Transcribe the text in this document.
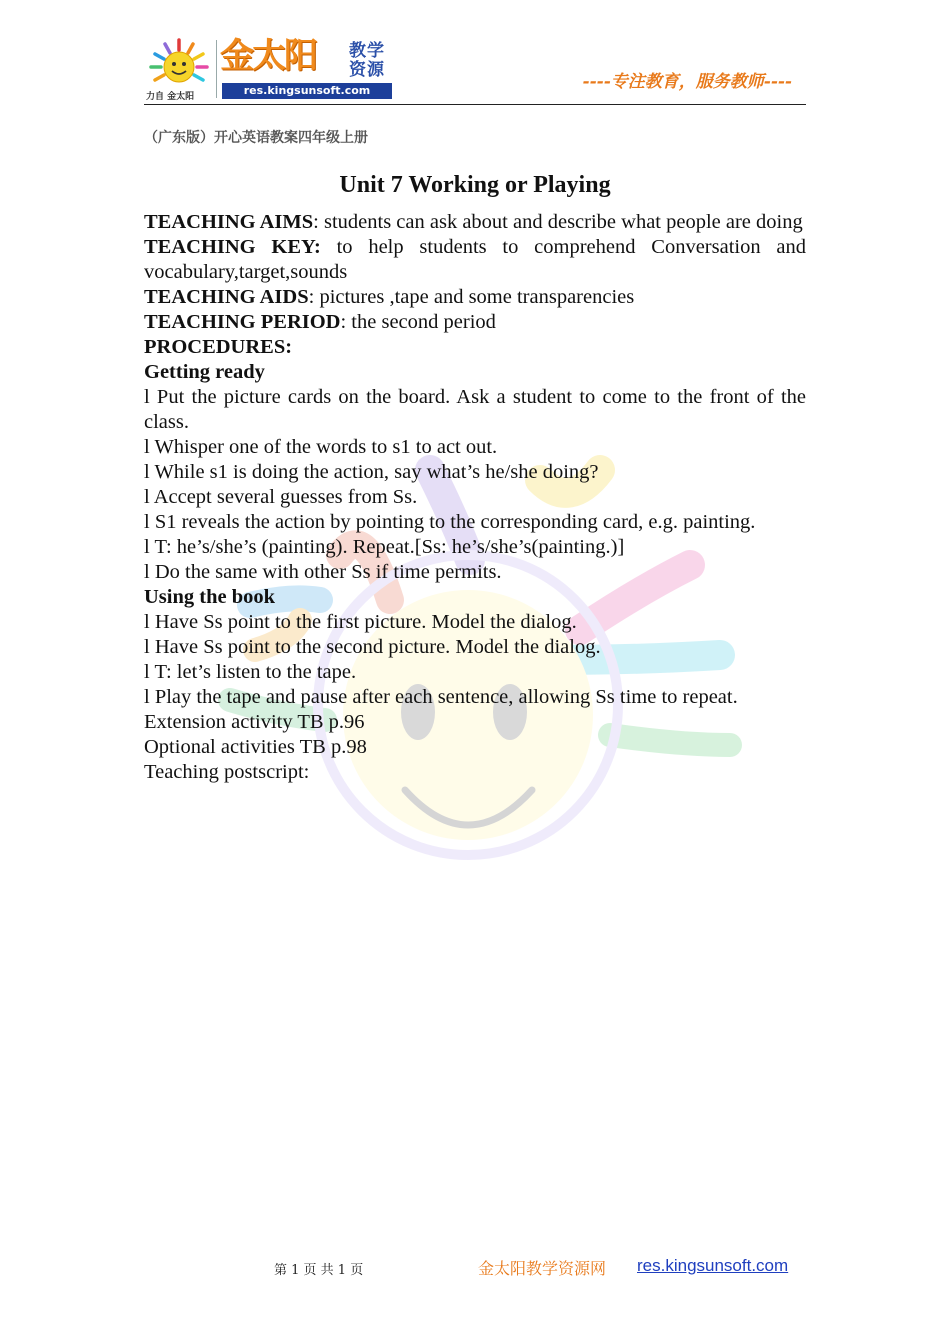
力自 金太阳
金太阳 教学
资源
res.kingsunsoft.com	----专注教育，服务教师----
（广东版）开心英语教案四年级上册
Unit 7 Working or Playing

TEACHING AIMS: students can ask about and describe what people are doing

TEACHING KEY: to help students to comprehend Conversation and vocabulary,target,sounds

TEACHING AIDS: pictures ,tape and some transparencies

TEACHING PERIOD: the second period

PROCEDURES:

Getting ready

l Put the picture cards on the board. Ask a student to come to the front of the class.

l Whisper one of the words to s1 to act out.

l While s1 is doing the action, say what’s he/she doing?

l Accept several guesses from Ss.

l S1 reveals the action by pointing to the corresponding card, e.g. painting.

l T: he’s/she’s (painting). Repeat.[Ss: he’s/she’s(painting.)]

l Do the same with other Ss if time permits.

Using the book

l Have Ss point to the first picture. Model the dialog.

l Have Ss point to the second picture. Model the dialog.

l T: let’s listen to the tape.

l Play the tape and pause after each sentence, allowing Ss time to repeat.

Extension activity TB p.96

Optional activities TB p.98

Teaching postscript:

第 1 页 共 1 页	金太阳教学资源网 res.kingsunsoft.com
